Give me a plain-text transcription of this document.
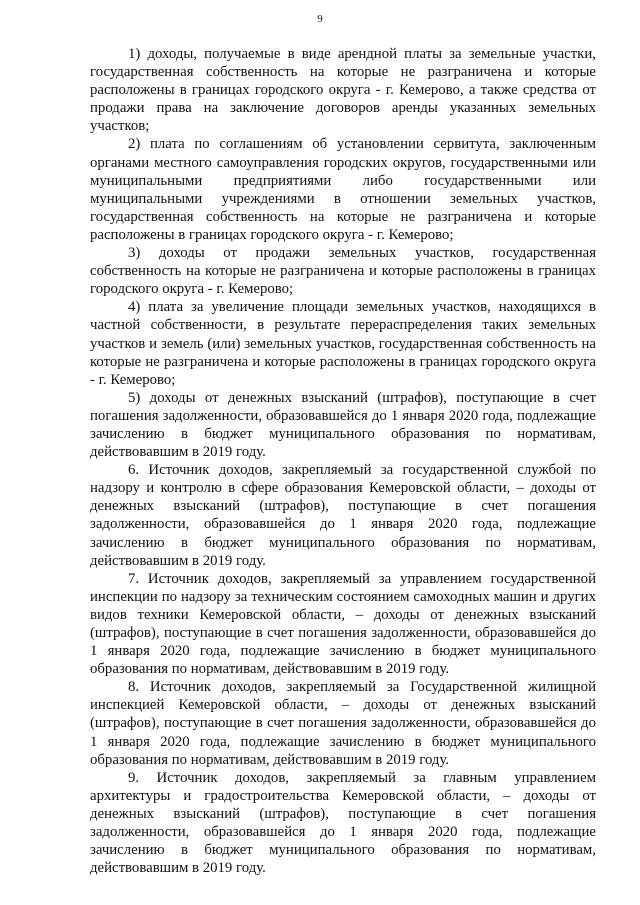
9

1) доходы, получаемые в виде арендной платы за земельные участки, государственная собственность на которые не разграничена и которые расположены в границах городского округа - г. Кемерово, а также средства от продажи права на заключение договоров аренды указанных земельных участков;

2) плата по соглашениям об установлении сервитута, заключенным органами местного самоуправления городских округов, государственными или муниципальными предприятиями либо государственными или муниципальными учреждениями в отношении земельных участков, государственная собственность на которые не разграничена и которые расположены в границах городского округа - г. Кемерово;

3) доходы от продажи земельных участков, государственная собственность на которые не разграничена и которые расположены в границах городского округа - г. Кемерово;

4) плата за увеличение площади земельных участков, находящихся в частной собственности, в результате перераспределения таких земельных участков и земель (или) земельных участков, государственная собственность на которые не разграничена и которые расположены в границах городского округа - г. Кемерово;

5) доходы от денежных взысканий (штрафов), поступающие в счет погашения задолженности, образовавшейся до 1 января 2020 года, подлежащие зачислению в бюджет муниципального образования по нормативам, действовавшим в 2019 году.

6. Источник доходов, закрепляемый за государственной службой по надзору и контролю в сфере образования Кемеровской области, – доходы от денежных взысканий (штрафов), поступающие в счет погашения задолженности, образовавшейся до 1 января 2020 года, подлежащие зачислению в бюджет муниципального образования по нормативам, действовавшим в 2019 году.

7. Источник доходов, закрепляемый за управлением государственной инспекции по надзору за техническим состоянием самоходных машин и других видов техники Кемеровской области, – доходы от денежных взысканий (штрафов), поступающие в счет погашения задолженности, образовавшейся до 1 января 2020 года, подлежащие зачислению в бюджет муниципального образования по нормативам, действовавшим в 2019 году.

8. Источник доходов, закрепляемый за Государственной жилищной инспекцией Кемеровской области, – доходы от денежных взысканий (штрафов), поступающие в счет погашения задолженности, образовавшейся до 1 января 2020 года, подлежащие зачислению в бюджет муниципального образования по нормативам, действовавшим в 2019 году.

9. Источник доходов, закрепляемый за главным управлением архитектуры и градостроительства Кемеровской области, – доходы от денежных взысканий (штрафов), поступающие в счет погашения задолженности, образовавшейся до 1 января 2020 года, подлежащие зачислению в бюджет муниципального образования по нормативам, действовавшим в 2019 году.
